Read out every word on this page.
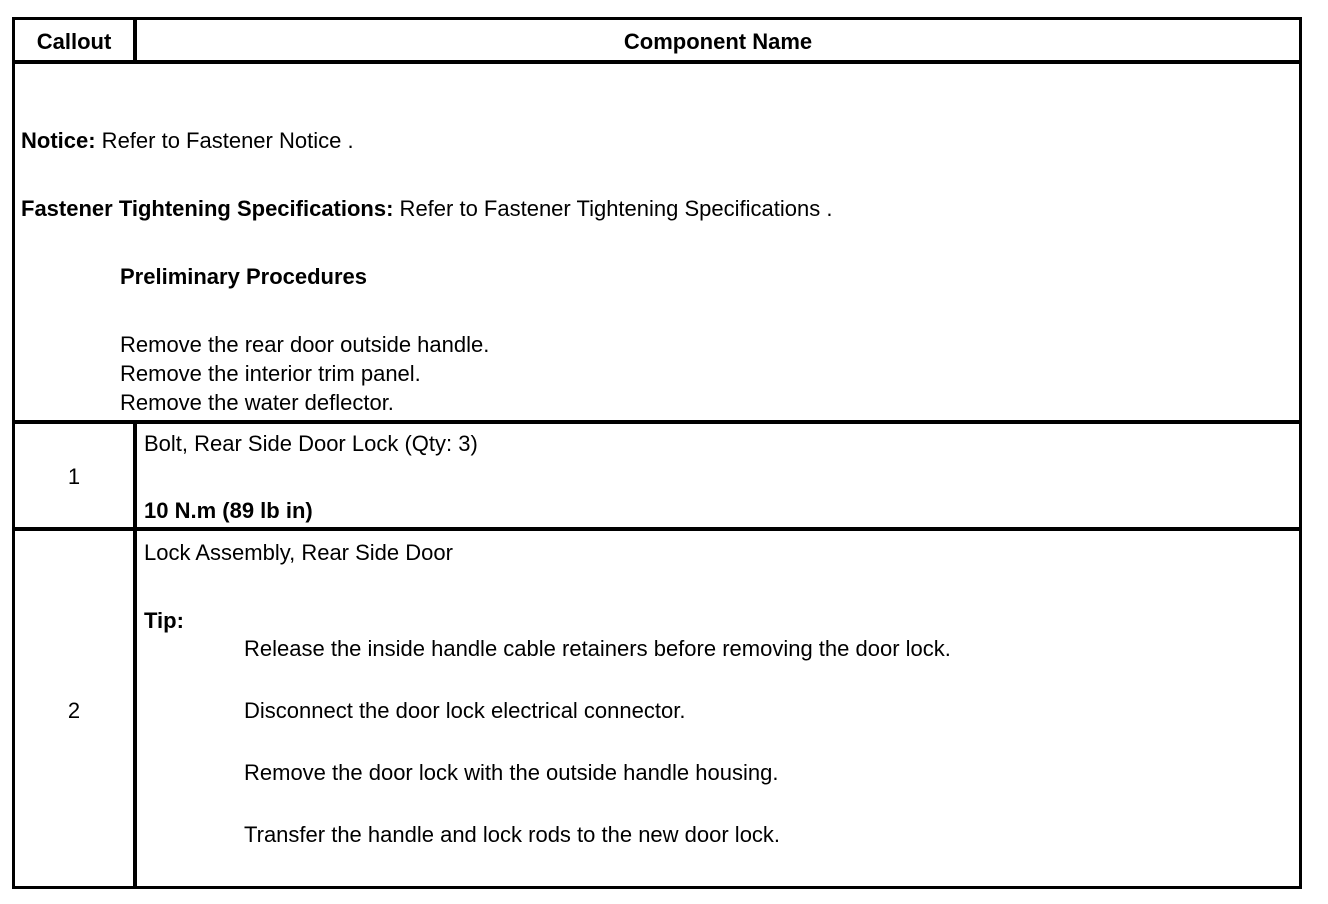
Callout	Component Name
Notice: Refer to Fastener Notice .
Fastener Tightening Specifications: Refer to Fastener Tightening Specifications .
Preliminary Procedures
Remove the rear door outside handle.
Remove the interior trim panel.
Remove the water deflector.
1
Bolt, Rear Side Door Lock (Qty: 3)
10 N.m (89 lb in)
2
Lock Assembly, Rear Side Door
Tip:
Release the inside handle cable retainers before removing the door lock.
Disconnect the door lock electrical connector.
Remove the door lock with the outside handle housing.
Transfer the handle and lock rods to the new door lock.
